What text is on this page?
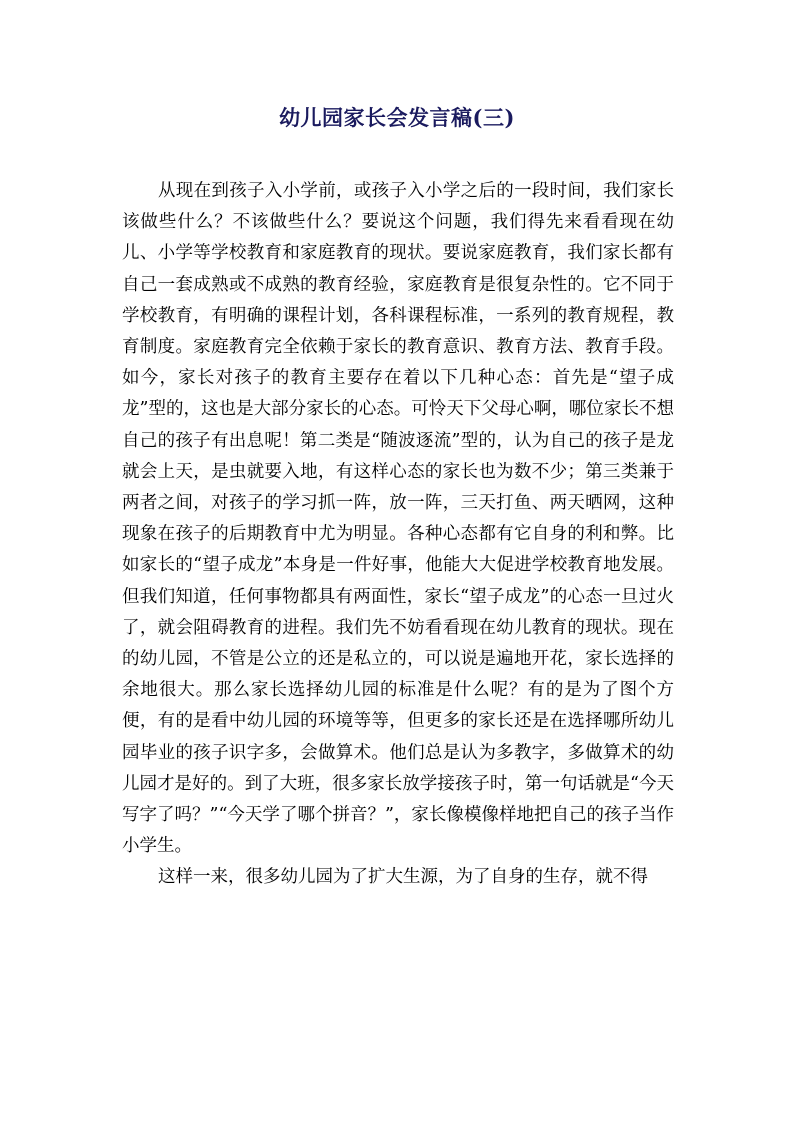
幼儿园家长会发言稿(三)

从现在到孩子入小学前，或孩子入小学之后的一段时间，我们家长该做些什么？不该做些什么？要说这个问题，我们得先来看看现在幼儿、小学等学校教育和家庭教育的现状。要说家庭教育，我们家长都有自己一套成熟或不成熟的教育经验，家庭教育是很复杂性的。它不同于学校教育，有明确的课程计划，各科课程标准，一系列的教育规程，教育制度。家庭教育完全依赖于家长的教育意识、教育方法、教育手段。 如今，家长对孩子的教育主要存在着以下几种心态：首先是“望子成龙”型的，这也是大部分家长的心态。可怜天下父母心啊，哪位家长不想自己的孩子有出息呢！第二类是“随波逐流”型的，认为自己的孩子是龙就会上天，是虫就要入地，有这样心态的家长也为数不少；第三类兼于两者之间，对孩子的学习抓一阵，放一阵，三天打鱼、两天晒网，这种现象在孩子的后期教育中尤为明显。各种心态都有它自身的利和弊。比如家长的“望子成龙”本身是一件好事，他能大大促进学校教育地发展。但我们知道，任何事物都具有两面性，家长“望子成龙”的心态一旦过火了，就会阻碍教育的进程。我们先不妨看看现在幼儿教育的现状。现在的幼儿园，不管是公立的还是私立的，可以说是遍地开花，家长选择的余地很大。那么家长选择幼儿园的标准是什么呢？有的是为了图个方便，有的是看中幼儿园的环境等等，但更多的家长还是在选择哪所幼儿园毕业的孩子识字多，会做算术。他们总是认为多教字，多做算术的幼儿园才是好的。到了大班，很多家长放学接孩子时，第一句话就是“今天写字了吗？”“今天学了哪个拼音？”，家长像模像样地把自己的孩子当作小学生。

这样一来，很多幼儿园为了扩大生源，为了自身的生存，就不得
